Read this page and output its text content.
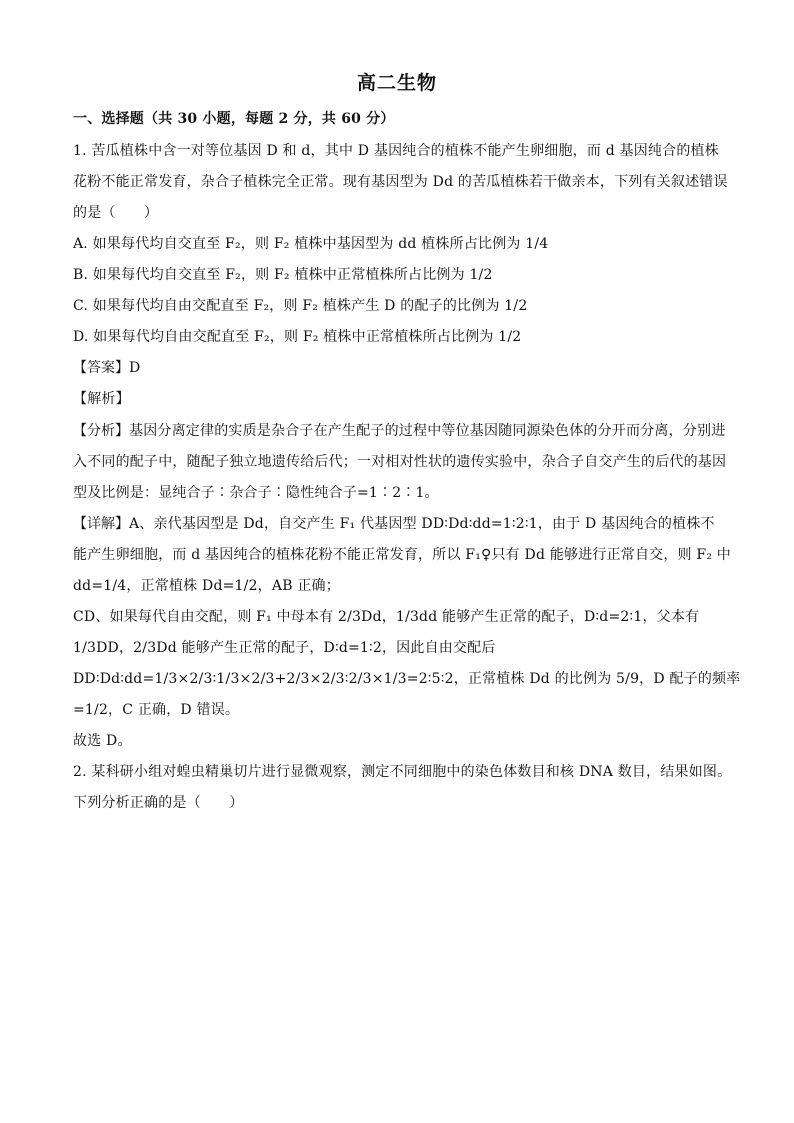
高二生物
一、选择题（共 30 小题，每题 2 分，共 60 分）
1. 苦瓜植株中含一对等位基因 D 和 d，其中 D 基因纯合的植株不能产生卵细胞，而 d 基因纯合的植株
花粉不能正常发育，杂合子植株完全正常。现有基因型为 Dd 的苦瓜植株若干做亲本，下列有关叙述错误
的是（　　）
A. 如果每代均自交直至 F₂，则 F₂ 植株中基因型为 dd 植株所占比例为 1/4
B. 如果每代均自交直至 F₂，则 F₂ 植株中正常植株所占比例为 1/2
C. 如果每代均自由交配直至 F₂，则 F₂ 植株产生 D 的配子的比例为 1/2
D. 如果每代均自由交配直至 F₂，则 F₂ 植株中正常植株所占比例为 1/2
【答案】D
【解析】
【分析】基因分离定律的实质是杂合子在产生配子的过程中等位基因随同源染色体的分开而分离，分别进
入不同的配子中，随配子独立地遗传给后代；一对相对性状的遗传实验中，杂合子自交产生的后代的基因
型及比例是：显纯合子∶杂合子∶隐性纯合子=1∶2∶1。
【详解】A、亲代基因型是 Dd，自交产生 F₁ 代基因型 DD∶Dd∶dd=1∶2∶1，由于 D 基因纯合的植株不
能产生卵细胞，而 d 基因纯合的植株花粉不能正常发育，所以 F₁♀只有 Dd 能够进行正常自交，则 F₂ 中
dd=1/4，正常植株 Dd=1/2，AB 正确；
CD、如果每代自由交配，则 F₁ 中母本有 2/3Dd，1/3dd 能够产生正常的配子，D∶d=2∶1，父本有
1/3DD，2/3Dd 能够产生正常的配子，D∶d=1∶2，因此自由交配后
DD∶Dd∶dd=1/3×2/3∶1/3×2/3+2/3×2/3∶2/3×1/3=2∶5∶2，正常植株 Dd 的比例为 5/9，D 配子的频率
=1/2，C 正确，D 错误。
故选 D。
2. 某科研小组对蝗虫精巢切片进行显微观察，测定不同细胞中的染色体数目和核 DNA 数目，结果如图。
下列分析正确的是（　　）
